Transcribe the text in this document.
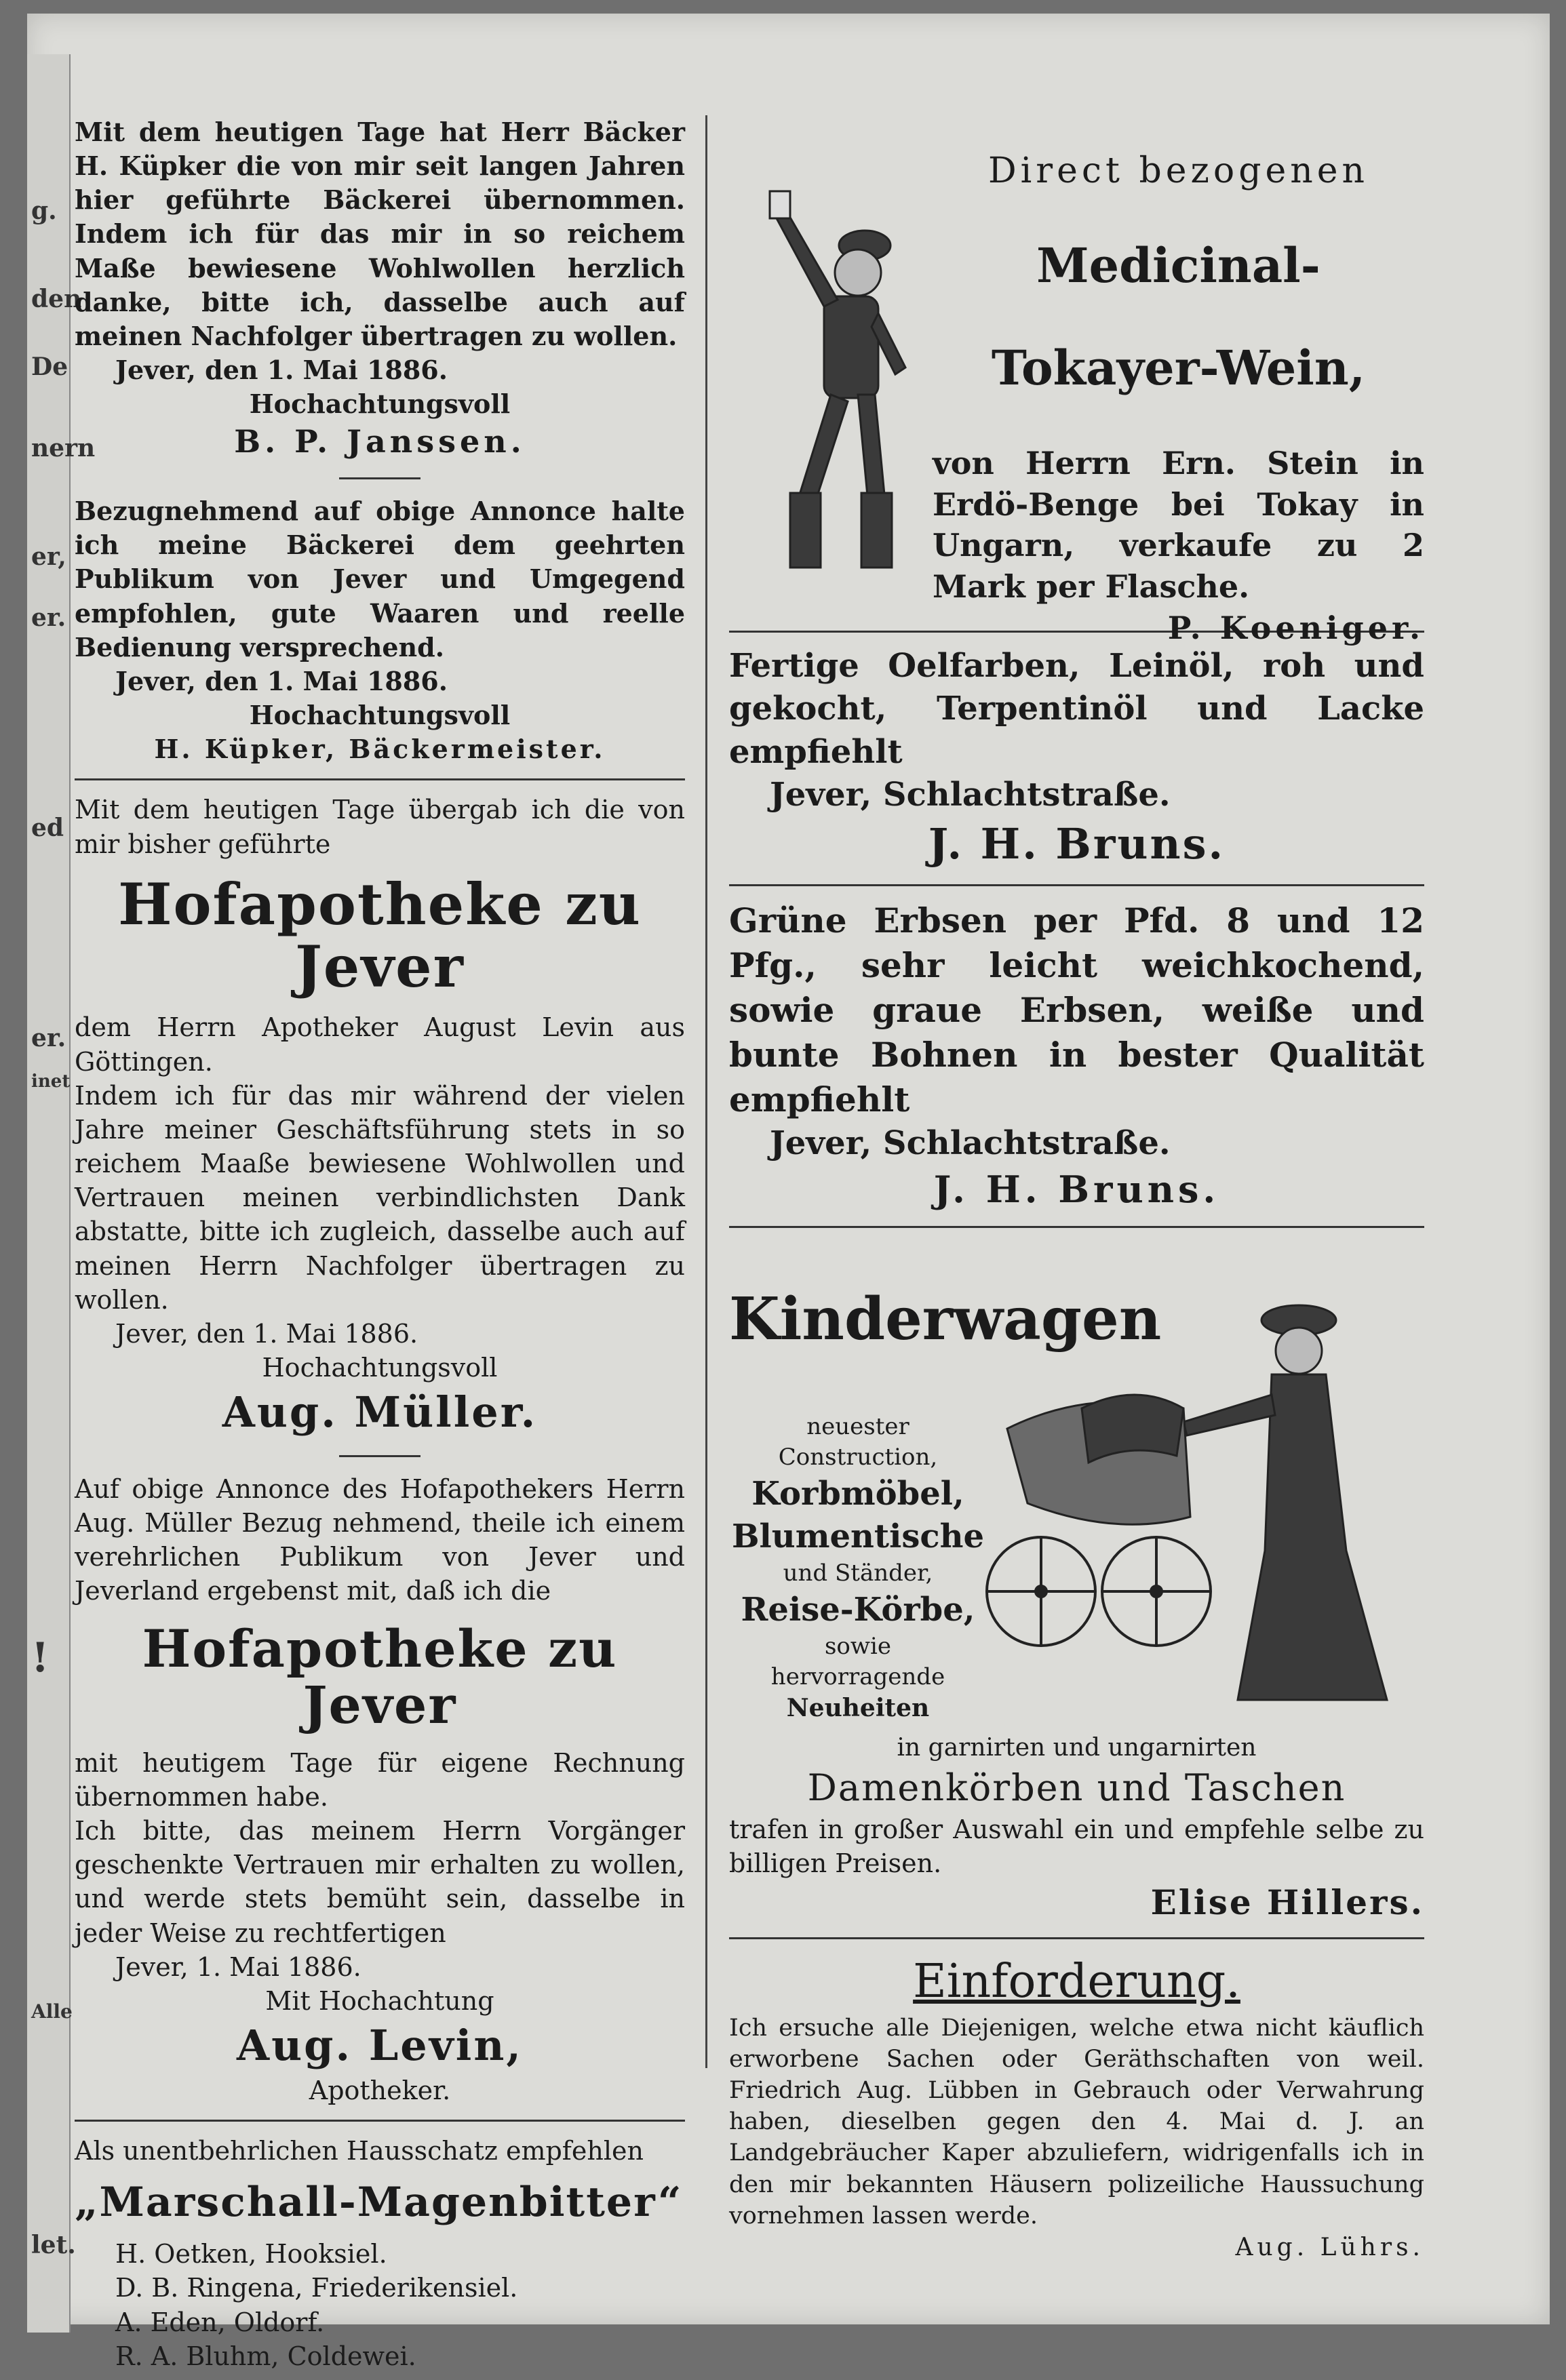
g.
den
De
nern
er,
er.
ed
er.
inet
!
Alle
let.

Mit dem heutigen Tage hat Herr Bäcker H. Küpker die von mir seit langen Jahren hier geführte Bäckerei übernommen. Indem ich für das mir in so reichem Maße bewiesene Wohlwollen herzlich danke, bitte ich, dasselbe auch auf meinen Nachfolger übertragen zu wollen.

Jever, den 1. Mai 1886.

Hochachtungsvoll

B. P. Janssen.

Bezugnehmend auf obige Annonce halte ich meine Bäckerei dem geehrten Publikum von Jever und Umgegend empfohlen, gute Waaren und reelle Bedienung versprechend.

Jever, den 1. Mai 1886.

Hochachtungsvoll

H. Küpker, Bäckermeister.

Mit dem heutigen Tage übergab ich die von mir bisher geführte

Hofapotheke zu Jever

dem Herrn Apotheker August Levin aus Göttingen.

Indem ich für das mir während der vielen Jahre meiner Geschäftsführung stets in so reichem Maaße bewiesene Wohlwollen und Vertrauen meinen verbindlichsten Dank abstatte, bitte ich zugleich, dasselbe auch auf meinen Herrn Nachfolger übertragen zu wollen.

Jever, den 1. Mai 1886.

Hochachtungsvoll

Aug. Müller.

Auf obige Annonce des Hofapothekers Herrn Aug. Müller Bezug nehmend, theile ich einem verehrlichen Publikum von Jever und Jeverland ergebenst mit, daß ich die

Hofapotheke zu Jever

mit heutigem Tage für eigene Rechnung übernommen habe.

Ich bitte, das meinem Herrn Vorgänger geschenkte Vertrauen mir erhalten zu wollen, und werde stets bemüht sein, dasselbe in jeder Weise zu rechtfertigen

Jever, 1. Mai 1886.

Mit Hochachtung

Aug. Levin,

Apotheker.

Als unentbehrlichen Hausschatz empfehlen

„Marschall-Magenbitter“

H. Oetken, Hooksiel.

D. B. Ringena, Friederikensiel.

A. Eden, Oldorf.

R. A. Bluhm, Coldewei.

Direct bezogenen

Medicinal-

Tokayer-Wein,

von Herrn Ern. Stein in Erdö-Benge bei Tokay in Ungarn, verkaufe zu 2 Mark per Flasche.

P. Koeniger.

Fertige Oelfarben, Leinöl, roh und gekocht, Terpentinöl und Lacke empfiehlt

Jever, Schlachtstraße.

J. H. Bruns.

Grüne Erbsen per Pfd. 8 und 12 Pfg., sehr leicht weichkochend, sowie graue Erbsen, weiße und bunte Bohnen in bester Qualität empfiehlt

Jever, Schlachtstraße.

J. H. Bruns.

Kinderwagen

neuester Construction,

Korbmöbel,

Blumentische

und Ständer,

Reise-Körbe,

sowie

hervorragende

Neuheiten

in garnirten und ungarnirten

Damenkörben und Taschen

trafen in großer Auswahl ein und empfehle selbe zu billigen Preisen.

Elise Hillers.

Einforderung.

Ich ersuche alle Diejenigen, welche etwa nicht käuflich erworbene Sachen oder Geräthschaften von weil. Friedrich Aug. Lübben in Gebrauch oder Verwahrung haben, dieselben gegen den 4. Mai d. J. an Landgebräucher Kaper abzuliefern, widrigenfalls ich in den mir bekannten Häusern polizeiliche Haussuchung vornehmen lassen werde.

Aug. Lührs.
